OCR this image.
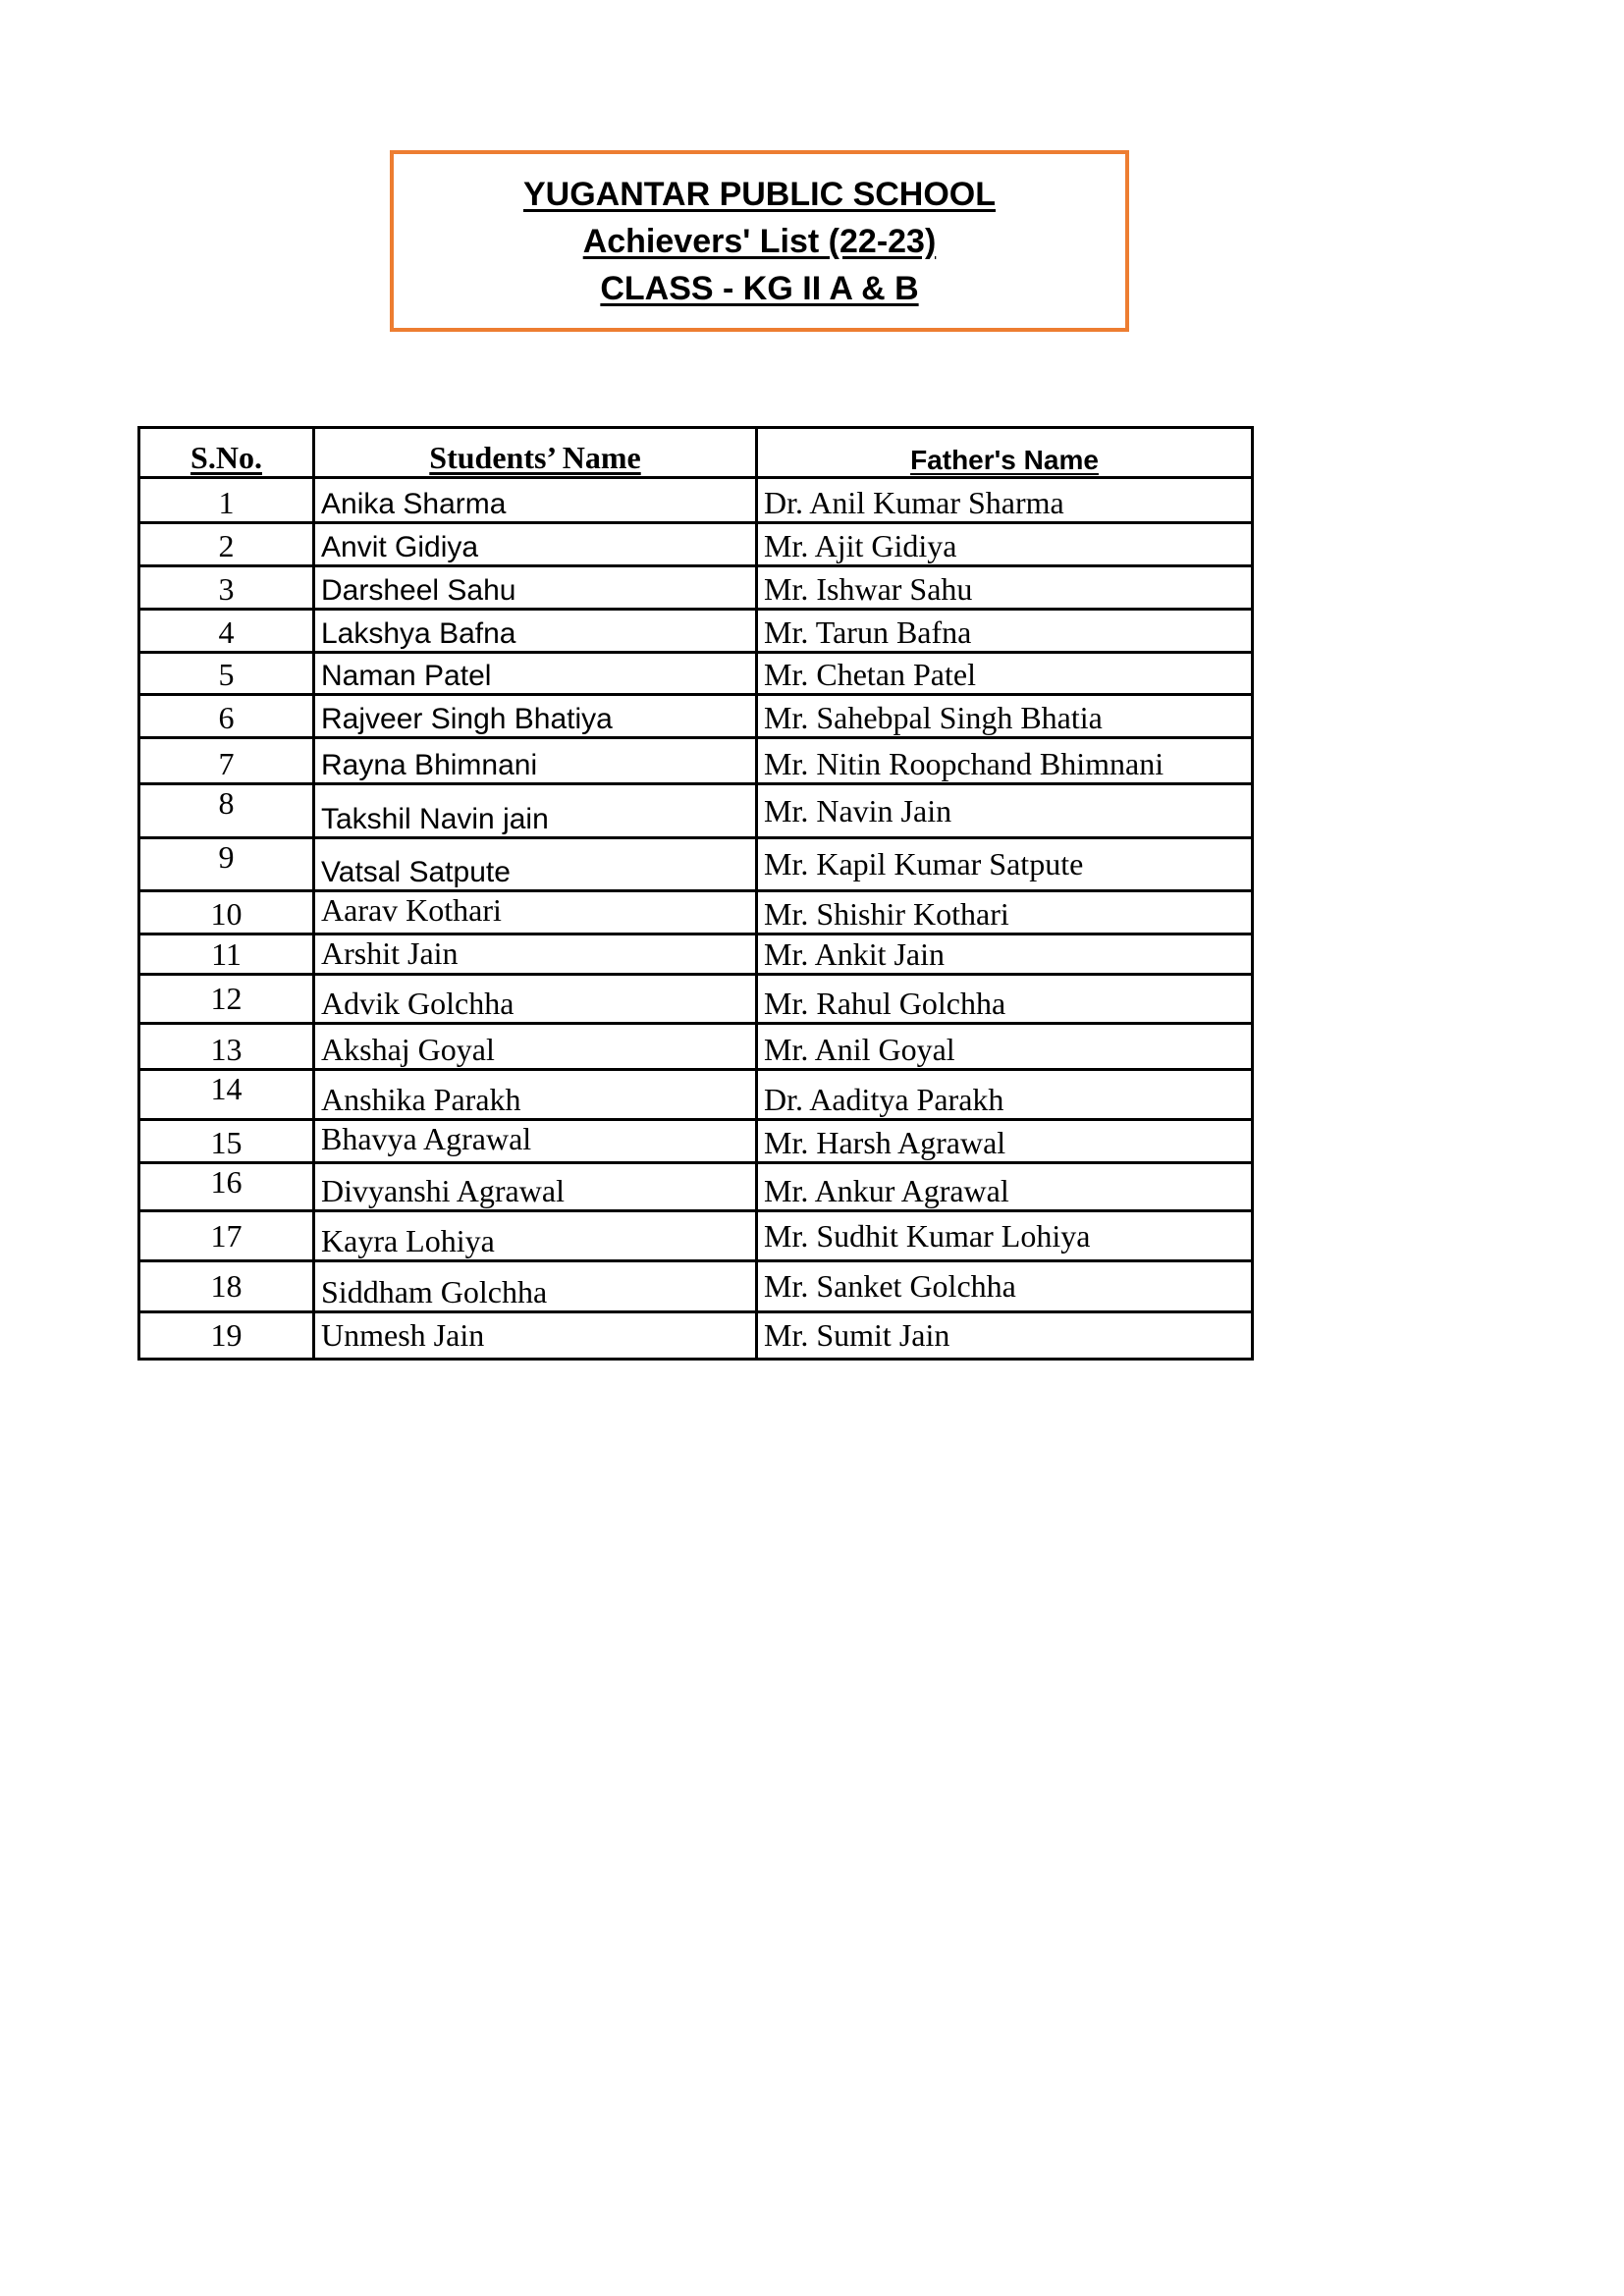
YUGANTAR PUBLIC SCHOOL
Achievers' List (22-23)
CLASS - KG II A & B
S.No.	Students’ Name	Father's Name
1	Anika Sharma	Dr. Anil Kumar Sharma
2	Anvit Gidiya	Mr. Ajit Gidiya
3	Darsheel Sahu	Mr. Ishwar Sahu
4	Lakshya Bafna	Mr. Tarun Bafna
5	Naman Patel	Mr. Chetan Patel
6	Rajveer Singh Bhatiya	Mr. Sahebpal Singh Bhatia
7	Rayna Bhimnani	Mr. Nitin Roopchand Bhimnani
8	Takshil Navin jain	Mr. Navin Jain
9	Vatsal Satpute	Mr. Kapil Kumar Satpute
10	Aarav Kothari	Mr. Shishir Kothari
11	Arshit Jain	Mr. Ankit Jain
12	Advik Golchha	Mr. Rahul Golchha
13	Akshaj Goyal	Mr. Anil Goyal
14	Anshika Parakh	Dr. Aaditya Parakh
15	Bhavya Agrawal	Mr. Harsh Agrawal
16	Divyanshi Agrawal	Mr. Ankur Agrawal
17	Kayra Lohiya	Mr. Sudhit Kumar Lohiya
18	Siddham Golchha	Mr. Sanket Golchha
19	Unmesh Jain	Mr. Sumit Jain
